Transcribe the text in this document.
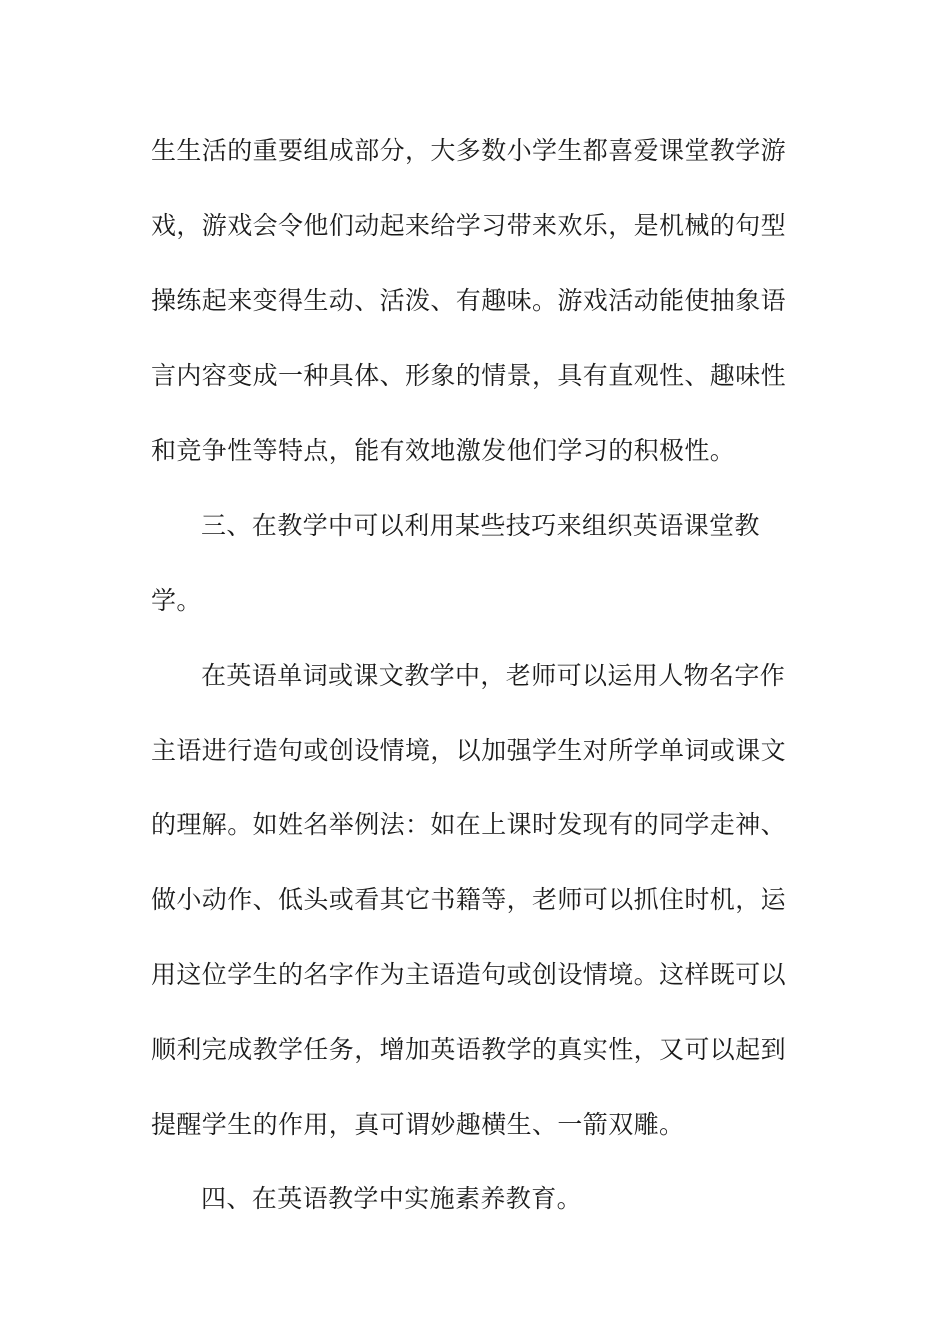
生生活的重要组成部分，大多数小学生都喜爱课堂教学游

戏，游戏会令他们动起来给学习带来欢乐，是机械的句型

操练起来变得生动、活泼、有趣味。游戏活动能使抽象语

言内容变成一种具体、形象的情景，具有直观性、趣味性

和竞争性等特点，能有效地激发他们学习的积极性。

三、在教学中可以利用某些技巧来组织英语课堂教

学。

在英语单词或课文教学中，老师可以运用人物名字作

主语进行造句或创设情境，以加强学生对所学单词或课文

的理解。如姓名举例法：如在上课时发现有的同学走神、

做小动作、低头或看其它书籍等，老师可以抓住时机，运

用这位学生的名字作为主语造句或创设情境。这样既可以

顺利完成教学任务，增加英语教学的真实性，又可以起到

提醒学生的作用，真可谓妙趣横生、一箭双雕。

四、在英语教学中实施素养教育。
